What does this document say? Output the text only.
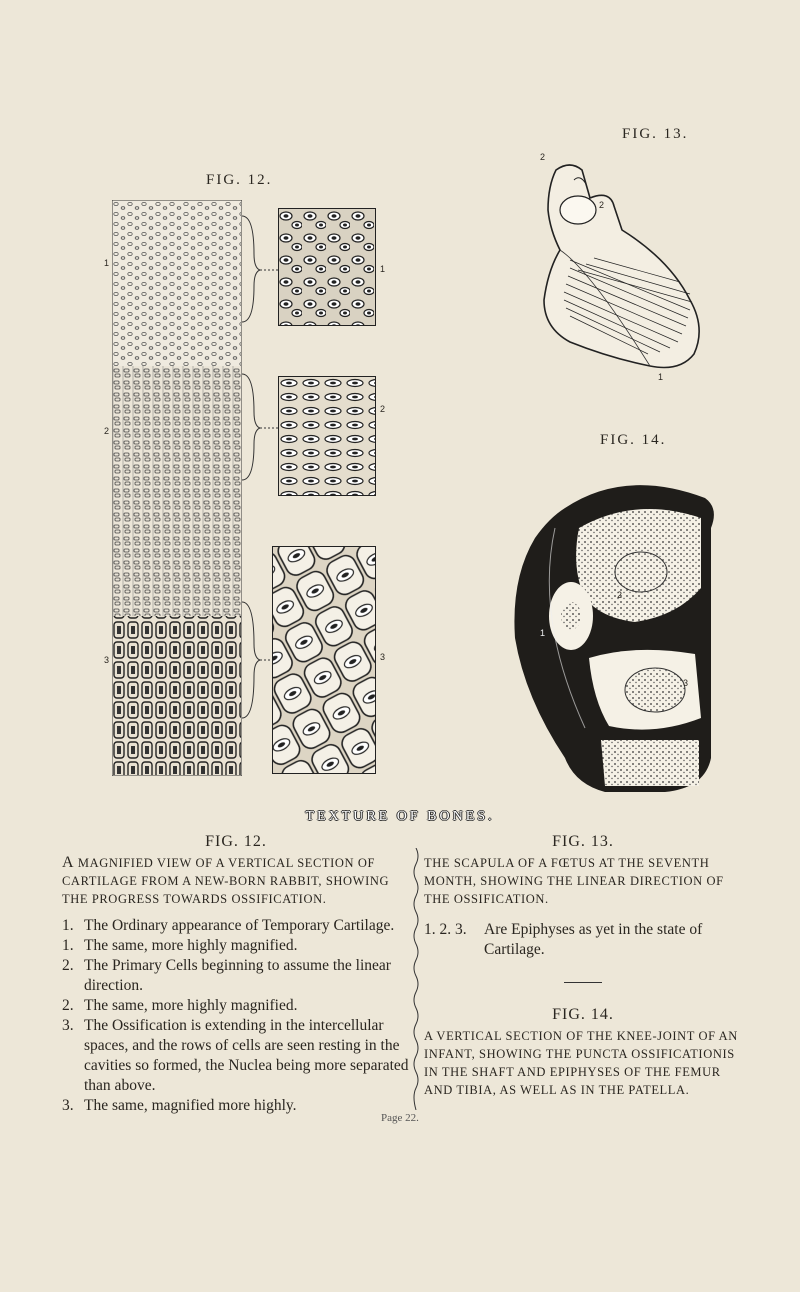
FIG. 12.
1
2
3
1
2
3
FIG. 13.
2
2
1
FIG. 14.
1
2
3
TEXTURE OF BONES.
FIG. 12.
A MAGNIFIED VIEW OF A VERTICAL SECTION OF CARTILAGE FROM A NEW-BORN RABBIT, SHOWING THE PROGRESS TOWARDS OSSIFICATION.
1. The Ordinary appearance of Temporary Cartilage.
1. The same, more highly magnified.
2. The Primary Cells beginning to assume the linear direction.
2. The same, more highly magnified.
3. The Ossification is extending in the intercellular spaces, and the rows of cells are seen resting in the cavities so formed, the Nuclea being more separated than above.
3. The same, magnified more highly.
FIG. 13.
THE SCAPULA OF A FŒTUS AT THE SEVENTH MONTH, SHOWING THE LINEAR DIRECTION OF THE OSSIFICATION.
1. 2. 3.	Are Epiphyses as yet in the state of Cartilage.
FIG. 14.
A VERTICAL SECTION OF THE KNEE-JOINT OF AN INFANT, SHOWING THE PUNCTA OSSIFICATIONIS IN THE SHAFT AND EPIPHYSES OF THE FEMUR AND TIBIA, AS WELL AS IN THE PATELLA.
Page 22.
